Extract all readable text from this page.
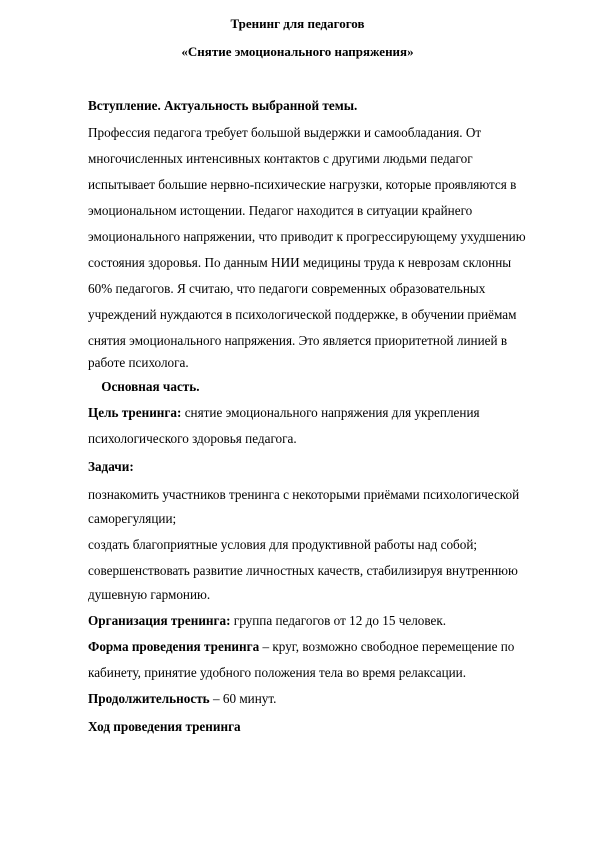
Тренинг для педагогов
«Снятие эмоционального напряжения»
Вступление. Актуальность выбранной темы.
Профессия педагога требует большой выдержки и самообладания. От
многочисленных интенсивных контактов с другими людьми педагог
испытывает большие нервно-психические нагрузки, которые проявляются в
эмоциональном истощении. Педагог находится в ситуации крайнего
эмоционального напряжении, что приводит к прогрессирующему ухудшению
состояния здоровья. По данным НИИ медицины труда к неврозам склонны
60% педагогов. Я считаю, что педагоги современных образовательных
учреждений нуждаются в психологической поддержке, в обучении приёмам
снятия эмоционального напряжения. Это является приоритетной линией в
работе психолога.
Основная часть.
Цель тренинга: снятие эмоционального напряжения для укрепления
психологического здоровья педагога.
Задачи:
познакомить участников тренинга с некоторыми приёмами психологической
саморегуляции;
создать благоприятные условия для продуктивной работы над собой;
совершенствовать развитие личностных качеств, стабилизируя внутреннюю
душевную гармонию.
Организация тренинга: группа педагогов от 12 до 15 человек.
Форма проведения тренинга – круг, возможно свободное перемещение по
кабинету, принятие удобного положения тела во время релаксации.
Продолжительность – 60 минут.
Ход проведения тренинга
